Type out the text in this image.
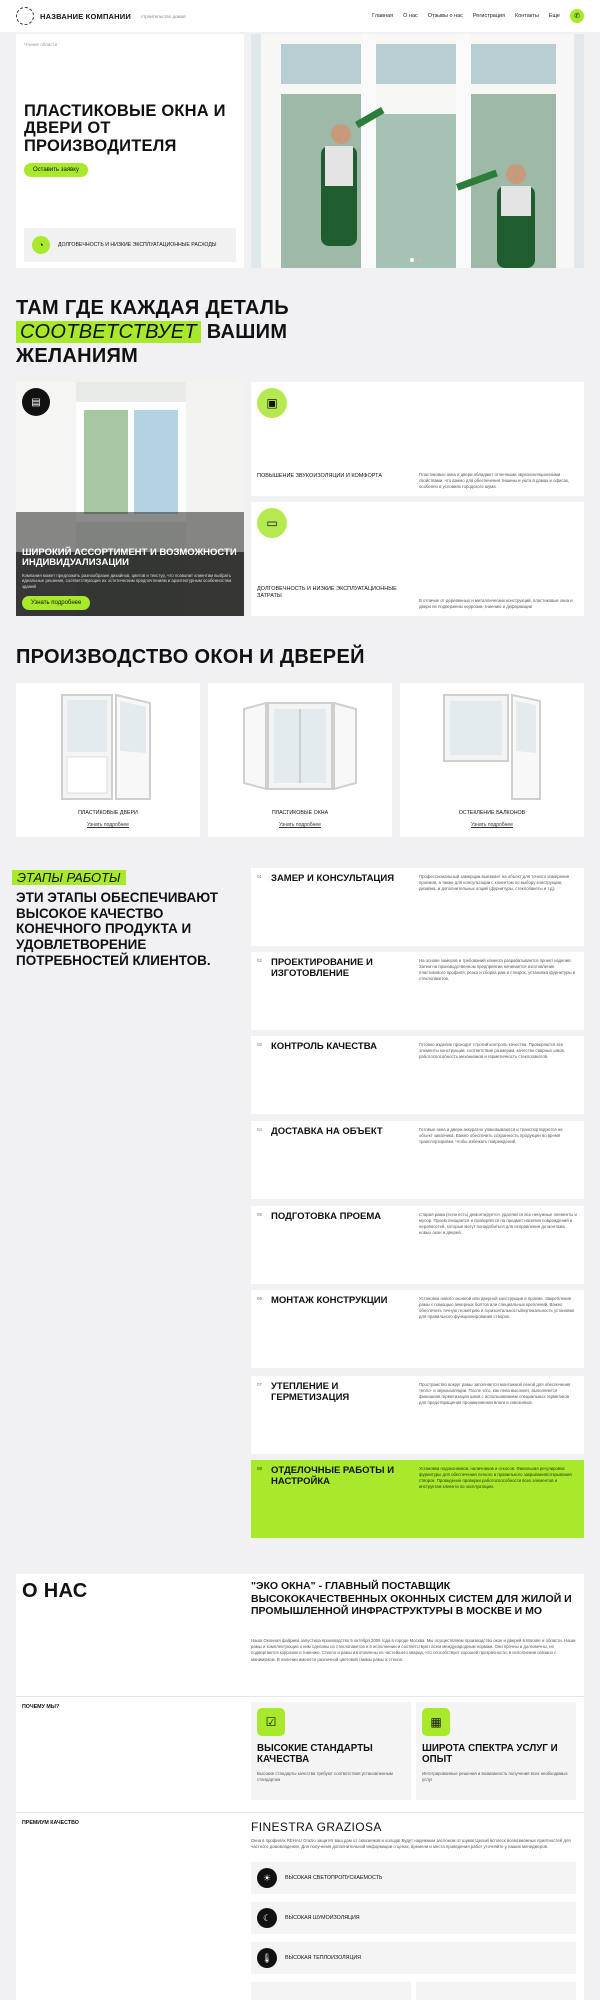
НАЗВАНИЕ КОМПАНИИ строительство домов	Главная О нас Отзывы о нас Регистрация Контакты Еще ✆
Чтение области
ПЛАСТИКОВЫЕ ОКНА И ДВЕРИ ОТ ПРОИЗВОДИТЕЛЯ
Оставить заявку
◔	ДОЛГОВЕЧНОСТЬ И НИЗКИЕ ЭКСПЛУАТАЦИОННЫЕ РАСХОДЫ
ТАМ ГДЕ КАЖДАЯ ДЕТАЛЬ
СООТВЕТСТВУЕТ ВАШИМ
ЖЕЛАНИЯМ
▤
ШИРОКИЙ АССОРТИМЕНТ И ВОЗМОЖНОСТИ ИНДИВИДУАЛИЗАЦИИ
Компания может предложить разнообразие дизайнов, цветов и текстур, что позволит клиентам выбрать идеальные решения, соответствующие их эстетическим предпочтениям и архитектурным особенностям зданий
Узнать подробнее
▣
ПОВЫШЕНИЕ ЗВУКОИЗОЛЯЦИИ И КОМФОРТА	Пластиковые окна и двери обладают отличными звукоизоляционными свойствами, что важно для обеспечения тишины и уюта в домах и офисах, особенно в условиях городского шума
▭
ДОЛГОВЕЧНОСТЬ И НИЗКИЕ ЭКСПЛУАТАЦИОННЫЕ ЗАТРАТЫ
В отличие от деревянных и металлических конструкций, пластиковые окна и двери не подвержены коррозии, гниению и деформации
ПРОИЗВОДСТВО ОКОН И ДВЕРЕЙ
ПЛАСТИКОВЫЕ ДВЕРИ
Узнать подробнее
ПЛАСТИКОВЫЕ ОКНА
Узнать подробнее
ОСТЕКЛЕНИЕ БАЛКОНОВ
Узнать подробнее
ЭТАПЫ РАБОТЫ
ЭТИ ЭТАПЫ ОБЕСПЕЧИВАЮТ ВЫСОКОЕ КАЧЕСТВО КОНЕЧНОГО ПРОДУКТА И УДОВЛЕТВОРЕНИЕ ПОТРЕБНОСТЕЙ КЛИЕНТОВ.
01 ЗАМЕР И КОНСУЛЬТАЦИЯ	Профессиональный замерщик выезжает на объект для точного измерения проемов, а также для консультации с клиентом по выбору конструкции, дизайна, и дополнительных опций (фурнитуры, стеклопакеты и т.д).
02 ПРОЕКТИРОВАНИЕ И ИЗГОТОВЛЕНИЕ
На основе замеров и требований клиента разрабатывается проект изделия. Затем на производственном предприятии начинается изготовление пластикового профиля, резка и сборка рам и створок, установка фурнитуры и стеклопакетов.
03 КОНТРОЛЬ КАЧЕСТВА	Готовое изделие проходит строгий контроль качества. Проверяются все элементы конструкции, соответствие размерам, качество сварных швов, работоспособность механизмов и герметичность стеклопакетов.
04 ДОСТАВКА НА ОБЪЕКТ	Готовые окна и двери аккуратно упаковываются и транспортируются на объект заказчика. Важно обеспечить сохранность продукции во время транспортировки, чтобы избежать повреждений.
05 ПОДГОТОВКА ПРОЕМА	Старая рама (если есть) демонтируется, удаляются все ненужные элементы и мусор. Проем очищается и проверяется на предмет наличия повреждений и неровностей, которые могут понадобиться для исправления до монтажа новых окон и дверей.
06 МОНТАЖ КОНСТРУКЦИИ	Установка нового оконной или дверной конструкции в проеме. Закрепление рамы с помощью анкерных болтов или специальных креплений. Важно обеспечить точную геометрию и горизонтальность/вертикальность установки для правильного функционирования створок.
07 УТЕПЛЕНИЕ И ГЕРМЕТИЗАЦИЯ
Пространство вокруг рамы заполняется монтажной пеной для обеспечения тепло- и звукоизоляции. После того, как пена высохнет, выполняется финишная герметизация швов с использованием специальных герметиков для предотвращения проникновения влаги и сквозняков.
08 ОТДЕЛОЧНЫЕ РАБОТЫ И НАСТРОЙКА
Установка подоконников, наличников и откосов. Финальная регулировка фурнитуры для обеспечения легкого и правильного закрывания/открывания створок. Проведение проверки работоспособности всех элементов и инструктаж клиента по эксплуатации.
О НАС	"ЭКО ОКНА" - ГЛАВНЫЙ ПОСТАВЩИК ВЫСОКОКАЧЕСТВЕННЫХ ОКОННЫХ СИСТЕМ ДЛЯ ЖИЛОЙ И ПРОМЫШЛЕННОЙ ИНФРАСТРУКТУРЫ В МОСКВЕ И МО
Наша Оконная фабрика запустила производство 5 октября 2006 года в городе Москва. Мы осуществляем производство окон и дверей в Москве и области. Наши рамы и комплектующие к ним сделаны из стеклопакетов и в исполнении и соответствуют всем международным нормам. Они прочны и долговечны, не подвергаются коррозии и гниению. Стекло и рамы изготовлены из чистейшего кварца, что способствует хорошей прозрачности, в исполнении связано с минимумом. В наличии имеются различной цветовой гаммы рамы и стекла.
ПОЧЕМУ МЫ?
☑
ВЫСОКИЕ СТАНДАРТЫ КАЧЕСТВА
Высокие стандарты качества требуют соответствия установленным стандартам
▦
ШИРОТА СПЕКТРА УСЛУГ И ОПЫТ
Интегрированные решения и возможность получения всех необходимых услуг
ПРЕМИУМ КАЧЕСТВО	FINESTRA GRAZIOSA
Окна в профилях REHAU Grazio защитят ваш дом от сквозняков и холода! Будут надежным заслоном от шума! Целый всплеск всевозможных приятностей для частного домовладения. Для получения дополнительной информации о ценах, времени и места проведения работ уточняйте у наших менеджеров.
☀	ВЫСОКАЯ СВЕТОПРОПУСКАЕМОСТЬ
☾	ВЫСОКАЯ ШУМОИЗОЛЯЦИЯ
🌡	ВЫСОКАЯ ТЕПЛОИЗОЛЯЦИЯ
